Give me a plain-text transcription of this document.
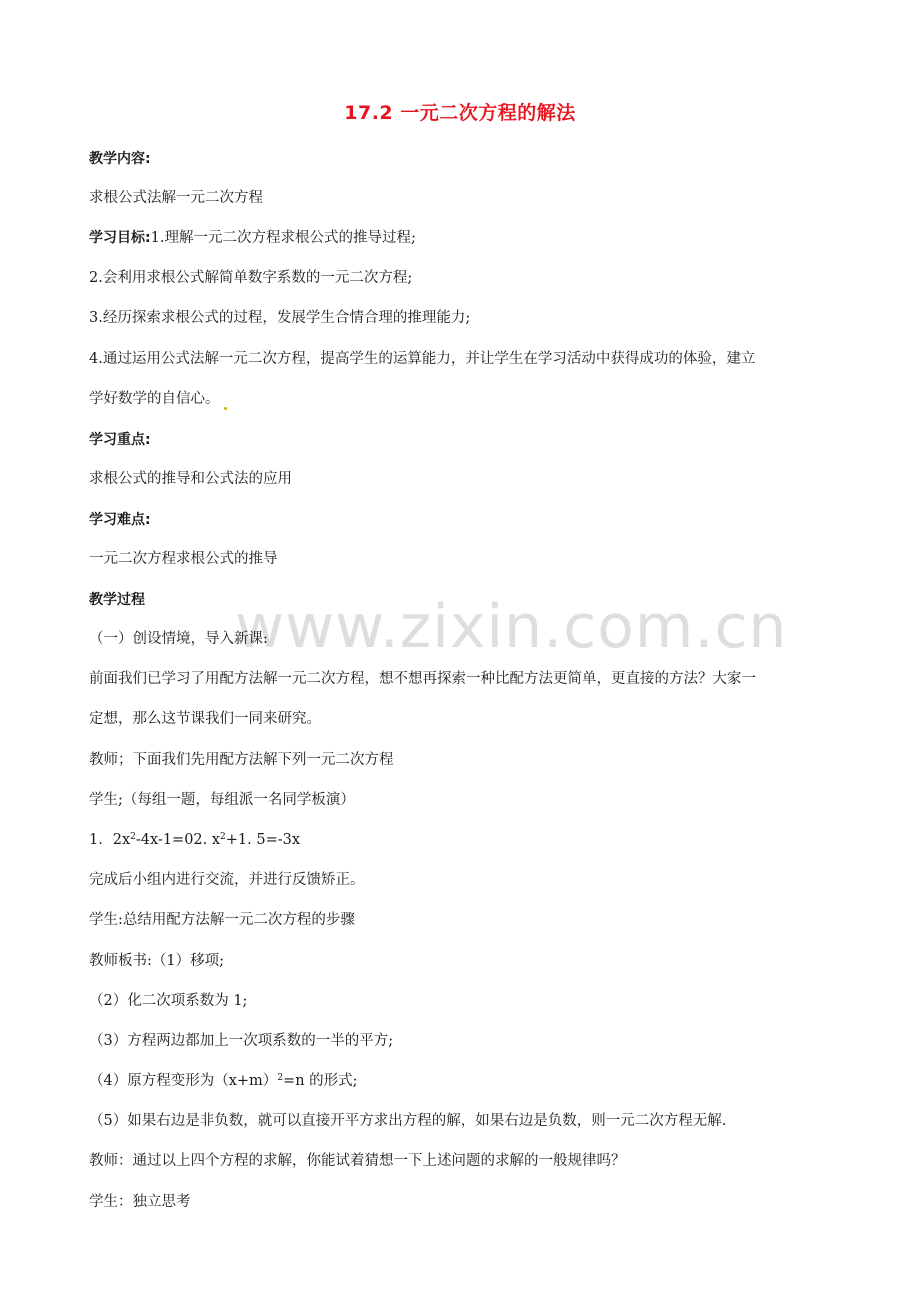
www.zixin.com.cn
17.2 一元二次方程的解法
教学内容:
求根公式法解一元二次方程
学习目标:1.理解一元二次方程求根公式的推导过程;
2.会利用求根公式解简单数字系数的一元二次方程;
3.经历探索求根公式的过程，发展学生合情合理的推理能力;
4.通过运用公式法解一元二次方程，提高学生的运算能力，并让学生在学习活动中获得成功的体验，建立
学好数学的自信心。
学习重点:
求根公式的推导和公式法的应用
学习难点:
一元二次方程求根公式的推导
教学过程
（一）创设情境，导入新课:
前面我们已学习了用配方法解一元二次方程，想不想再探索一种比配方法更简单，更直接的方法？大家一
定想，那么这节课我们一同来研究。
教师；下面我们先用配方法解下列一元二次方程
学生;（每组一题，每组派一名同学板演）
1．$2x^2-4x-1=02$. $x^2+1$. 5=-3x
完成后小组内进行交流，并进行反馈矫正。
学生:总结用配方法解一元二次方程的步骤
教师板书:（1）移项;
（2）化二次项系数为 1;
（3）方程两边都加上一次项系数的一半的平方;
（4）原方程变形为$(x+m)^2=n$ 的形式;
（5）如果右边是非负数，就可以直接开平方求出方程的解，如果右边是负数，则一元二次方程无解.
教师：通过以上四个方程的求解，你能试着猜想一下上述问题的求解的一般规律吗？
学生：独立思考
